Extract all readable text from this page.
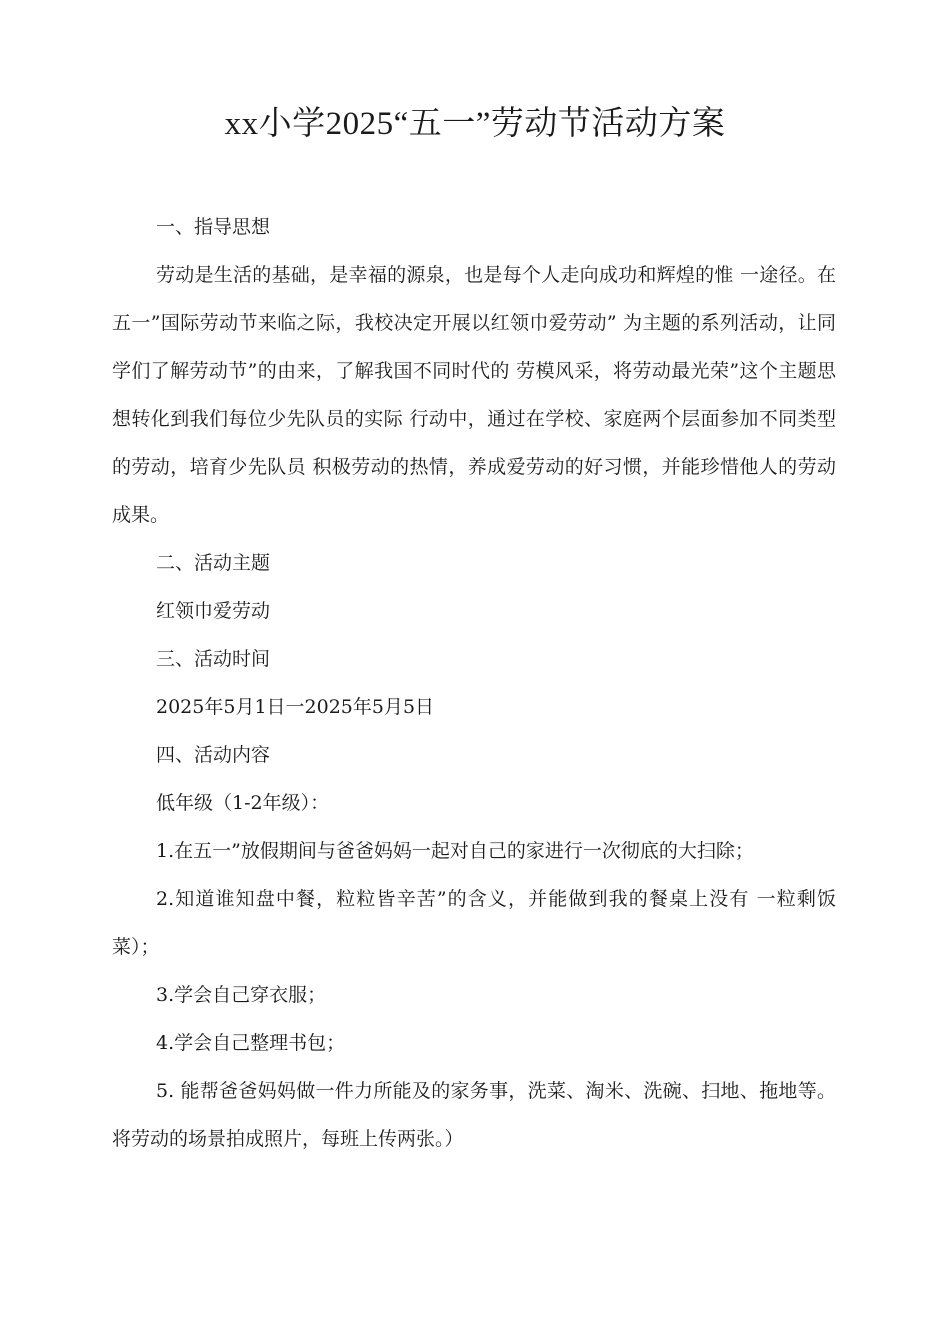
xx小学2025“五一”劳动节活动方案

一、指导思想

劳动是生活的基础，是幸福的源泉，也是每个人走向成功和辉煌的惟 一途径。在五一”国际劳动节来临之际，我校决定开展以红领巾爱劳动” 为主题的系列活动，让同学们了解劳动节”的由来，了解我国不同时代的 劳模风采，将劳动最光荣”这个主题思想转化到我们每位少先队员的实际 行动中，通过在学校、家庭两个层面参加不同类型的劳动，培育少先队员 积极劳动的热情，养成爱劳动的好习惯，并能珍惜他人的劳动成果。

二、活动主题

红领巾爱劳动

三、活动时间

2025年5月1日一2025年5月5日

四、活动内容

低年级（1-2年级）：

1.在五一”放假期间与爸爸妈妈一起对自己的家进行一次彻底的大扫除；

2.知道谁知盘中餐，粒粒皆辛苦”的含义，并能做到我的餐桌上没有 一粒剩饭菜）；

3.学会自己穿衣服；

4.学会自己整理书包；

5. 能帮爸爸妈妈做一件力所能及的家务事，洗菜、淘米、洗碗、扫地、拖地等。将劳动的场景拍成照片，每班上传两张。）
